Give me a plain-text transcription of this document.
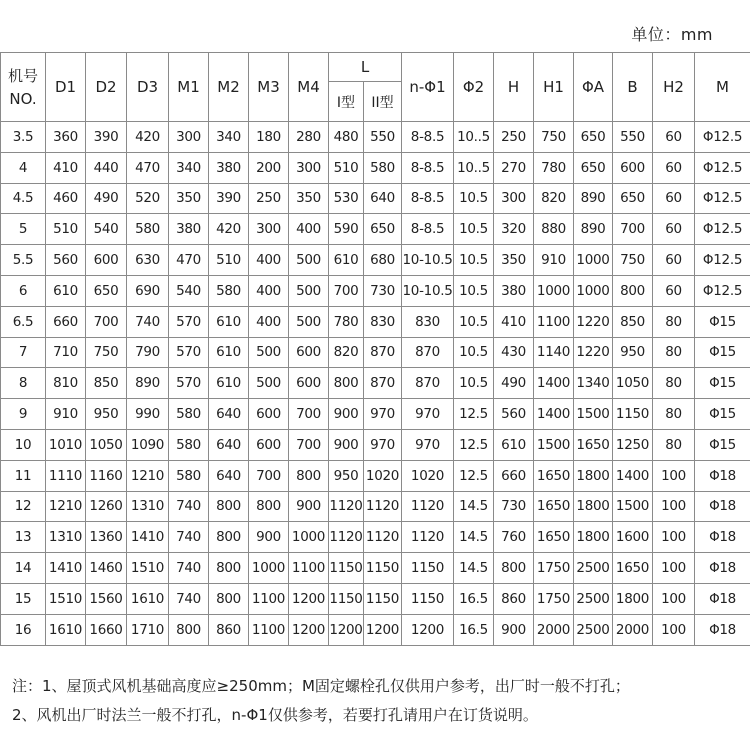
单位：mm
机号
NO.	D1	D2	D3	M1	M2	M3	M4	L		n-Φ1	Φ2	H	H1	ΦA	B	H2	M
								I型	II型								
3.5	360	390	420	300	340	180	280	480	550	8-8.5	10..5	250	750	650	550	60	Φ12.5
4	410	440	470	340	380	200	300	510	580	8-8.5	10..5	270	780	650	600	60	Φ12.5
4.5	460	490	520	350	390	250	350	530	640	8-8.5	10.5	300	820	890	650	60	Φ12.5
5	510	540	580	380	420	300	400	590	650	8-8.5	10.5	320	880	890	700	60	Φ12.5
5.5	560	600	630	470	510	400	500	610	680	10-10.5	10.5	350	910	1000	750	60	Φ12.5
6	610	650	690	540	580	400	500	700	730	10-10.5	10.5	380	1000	1000	800	60	Φ12.5
6.5	660	700	740	570	610	400	500	780	830	830	10.5	410	1100	1220	850	80	Φ15
7	710	750	790	570	610	500	600	820	870	870	10.5	430	1140	1220	950	80	Φ15
8	810	850	890	570	610	500	600	800	870	870	10.5	490	1400	1340	1050	80	Φ15
9	910	950	990	580	640	600	700	900	970	970	12.5	560	1400	1500	1150	80	Φ15
10	1010	1050	1090	580	640	600	700	900	970	970	12.5	610	1500	1650	1250	80	Φ15
11	1110	1160	1210	580	640	700	800	950	1020	1020	12.5	660	1650	1800	1400	100	Φ18
12	1210	1260	1310	740	800	800	900	1120	1120	1120	14.5	730	1650	1800	1500	100	Φ18
13	1310	1360	1410	740	800	900	1000	1120	1120	1120	14.5	760	1650	1800	1600	100	Φ18
14	1410	1460	1510	740	800	1000	1100	1150	1150	1150	14.5	800	1750	2500	1650	100	Φ18
15	1510	1560	1610	740	800	1100	1200	1150	1150	1150	16.5	860	1750	2500	1800	100	Φ18
16	1610	1660	1710	800	860	1100	1200	1200	1200	1200	16.5	900	2000	2500	2000	100	Φ18
注：1、屋顶式风机基础高度应≥250mm；M固定螺栓孔仅供用户参考，出厂时一般不打孔；
2、风机出厂时法兰一般不打孔，n-Φ1仅供参考，若要打孔请用户在订货说明。
